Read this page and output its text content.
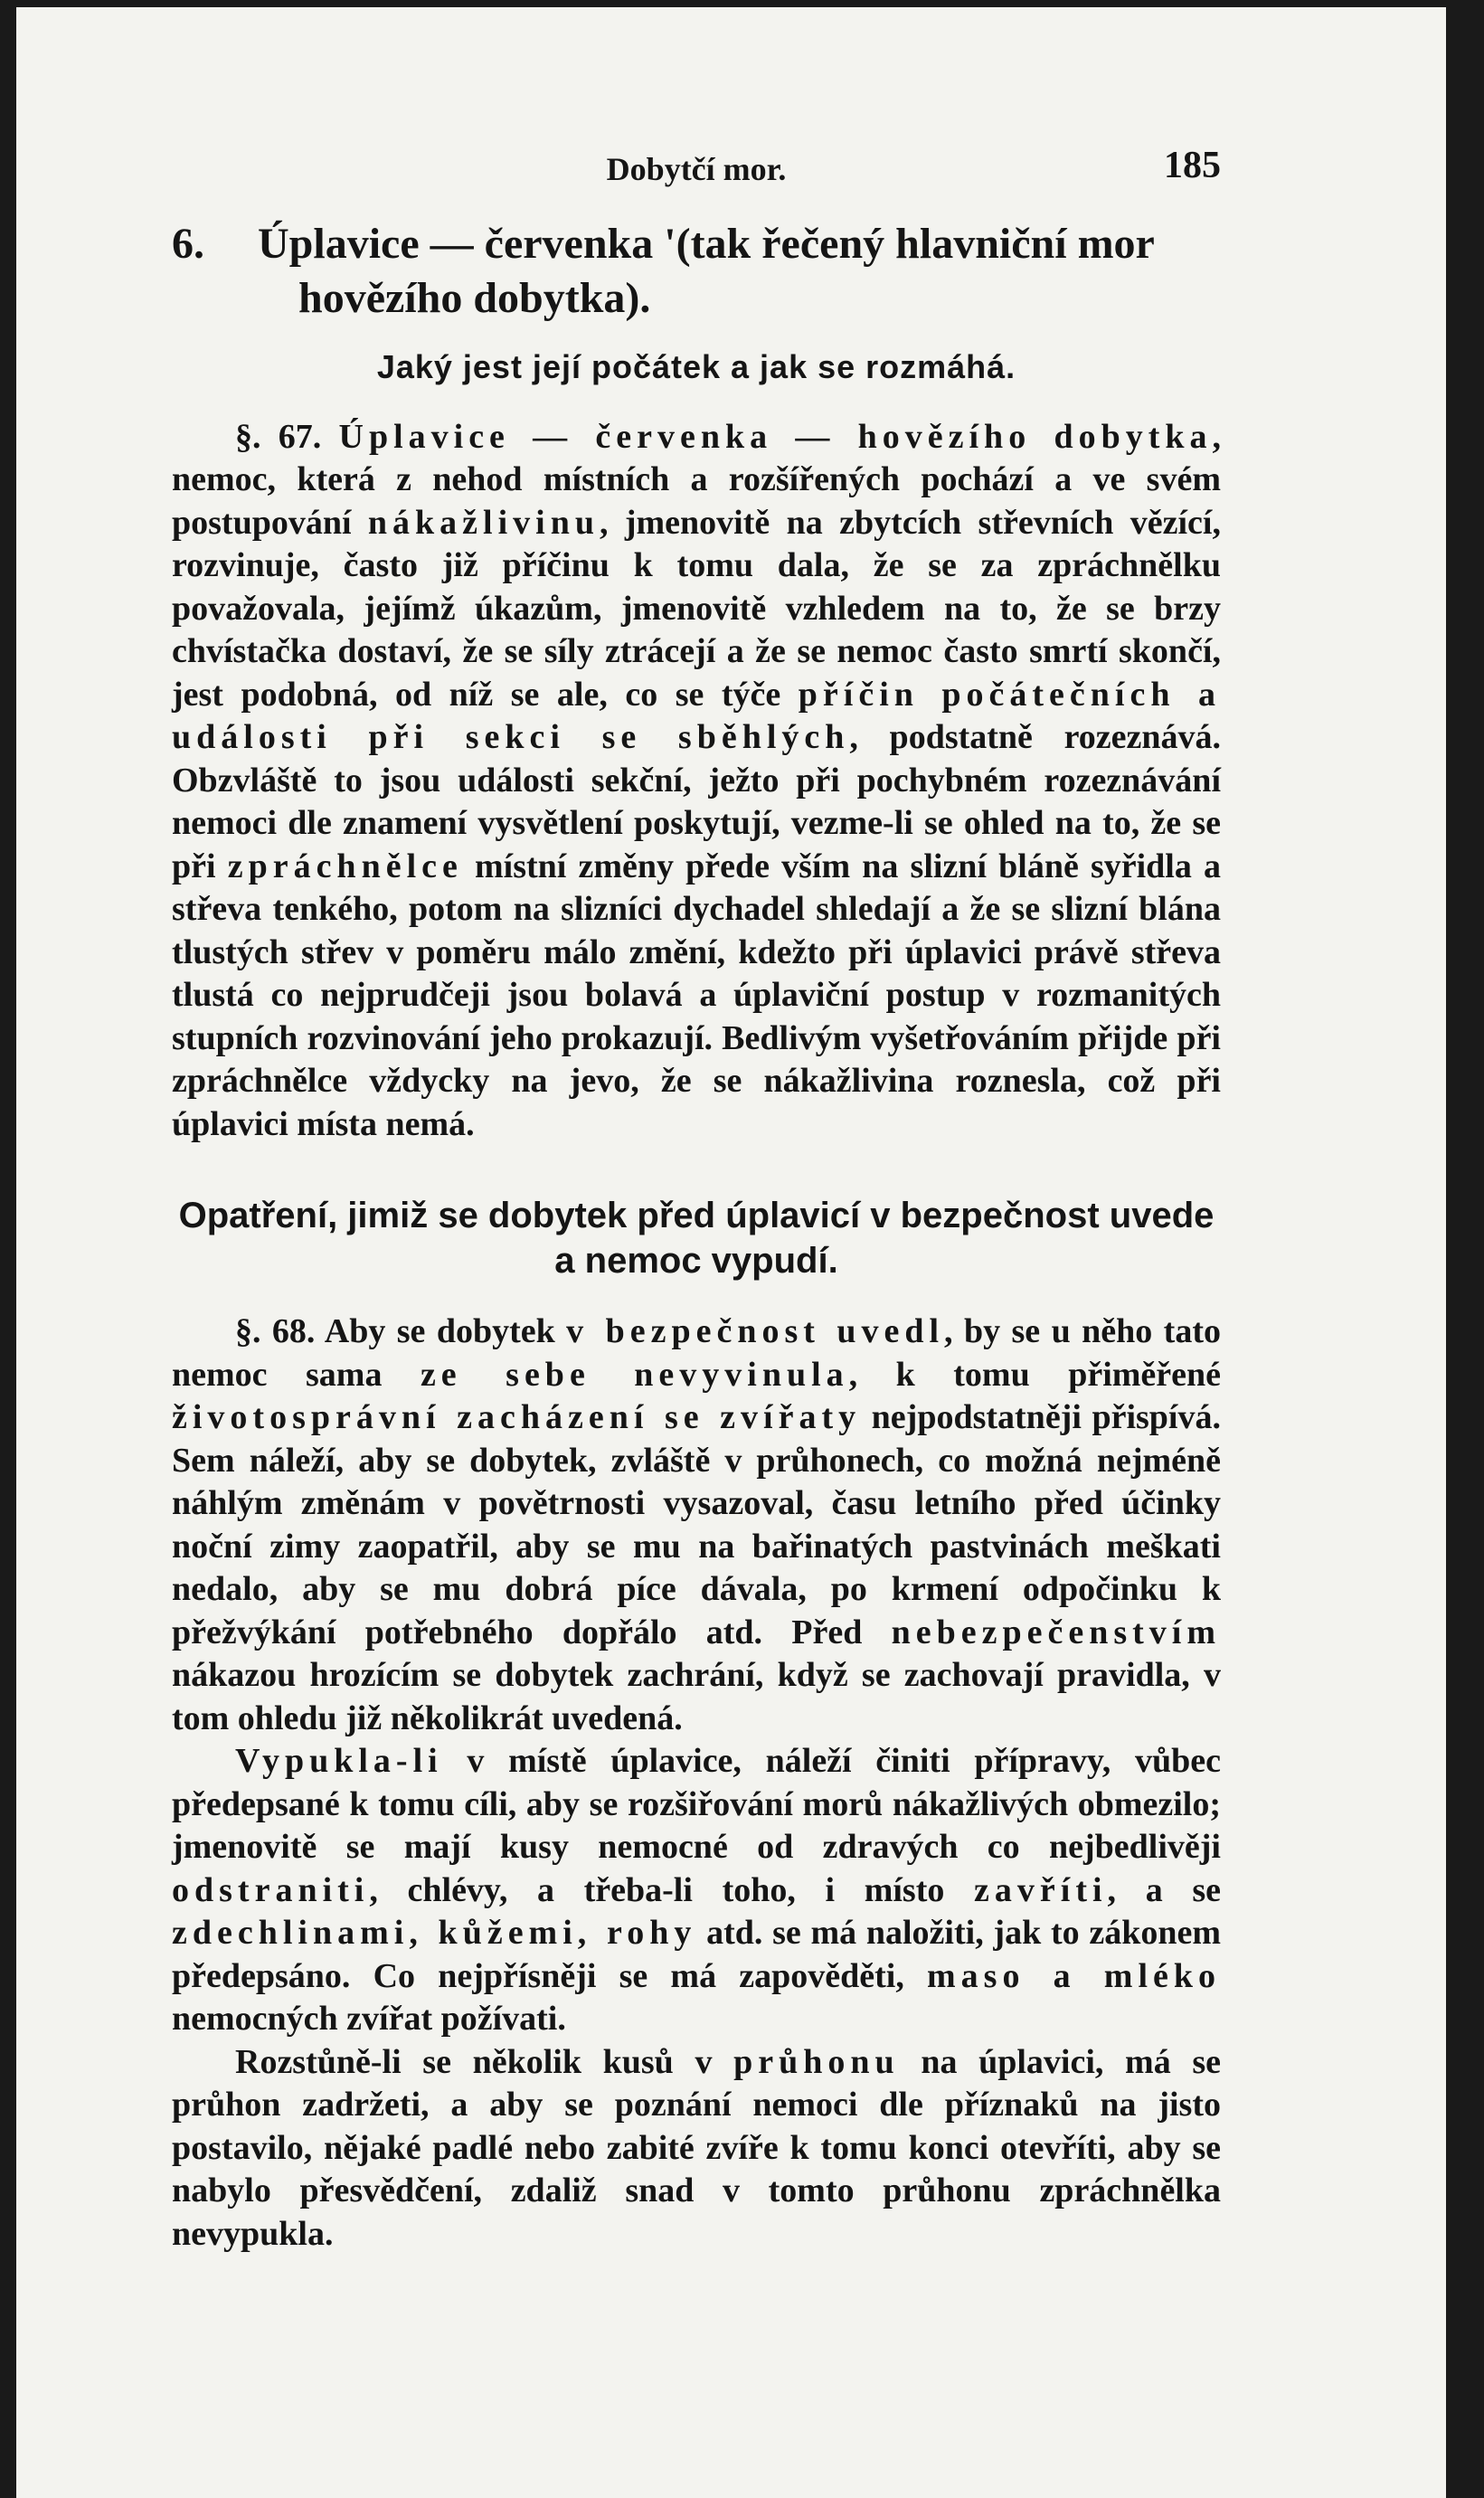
Dobytčí mor.	185
6. Úplavice — červenka '(tak řečený hlavniční mor hovězího dobytka).
Jaký jest její počátek a jak se rozmáhá.

§. 67. Úplavice — červenka — hovězího dobytka, nemoc, která z nehod místních a rozšířených pochází a ve svém postupování nákažlivinu, jmenovitě na zbytcích střevních vězící, rozvinuje, často již příčinu k tomu dala, že se za zpráchnělku považovala, jejímž úkazům, jmenovitě vzhledem na to, že se brzy chvístačka dostaví, že se síly ztrácejí a že se nemoc často smrtí skončí, jest podobná, od níž se ale, co se týče příčin počátečních a události při sekci se sběhlých, podstatně rozeznává. Obzvláště to jsou události sekční, ježto při pochybném rozeznávání nemoci dle znamení vysvětlení poskytují, vezme-li se ohled na to, že se při zpráchnělce místní změny přede vším na slizní bláně syřidla a střeva tenkého, potom na slizníci dychadel shledají a že se slizní blána tlustých střev v poměru málo změní, kdežto při úplavici právě střeva tlustá co nejprudčeji jsou bolavá a úplaviční postup v rozmanitých stupních rozvinování jeho prokazují. Bedlivým vyšetřováním přijde při zpráchnělce vždycky na jevo, že se nákažlivina roznesla, což při úplavici místa nemá.

Opatření, jimiž se dobytek před úplavicí v bezpečnost uvede a nemoc vypudí.

§. 68. Aby se dobytek v bezpečnost uvedl, by se u něho tato nemoc sama ze sebe nevyvinula, k tomu přiměřené životosprávní zacházení se zvířaty nejpodstatněji přispívá. Sem náleží, aby se dobytek, zvláště v průhonech, co možná nejméně náhlým změnám v povětrnosti vysazoval, času letního před účinky noční zimy zaopatřil, aby se mu na bařinatých pastvinách meškati nedalo, aby se mu dobrá píce dávala, po krmení odpočinku k přežvýkání potřebného dopřálo atd. Před nebezpečenstvím nákazou hrozícím se dobytek zachrání, když se zachovají pravidla, v tom ohledu již několikrát uvedená.

Vypukla-li v místě úplavice, náleží činiti přípravy, vůbec předepsané k tomu cíli, aby se rozšiřování morů nákažlivých obmezilo; jmenovitě se mají kusy nemocné od zdravých co nejbedlivěji odstraniti, chlévy, a třeba-li toho, i místo zavříti, a se zdechlinami, kůžemi, rohy atd. se má naložiti, jak to zákonem předepsáno. Co nejpřísněji se má zapověděti, maso a mléko nemocných zvířat požívati.

Rozstůně-li se několik kusů v průhonu na úplavici, má se průhon zadržeti, a aby se poznání nemoci dle příznaků na jisto postavilo, nějaké padlé nebo zabité zvíře k tomu konci otevříti, aby se nabylo přesvědčení, zdaliž snad v tomto průhonu zpráchnělka nevypukla.
